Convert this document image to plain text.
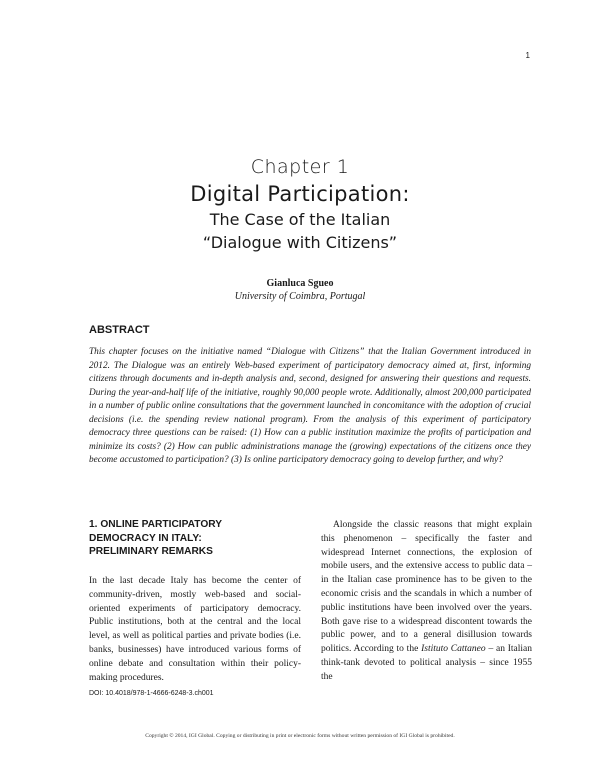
1
Chapter 1
Digital Participation:
The Case of the Italian
“Dialogue with Citizens”
Gianluca Sgueo
University of Coimbra, Portugal
ABSTRACT
This chapter focuses on the initiative named “Dialogue with Citizens” that the Italian Government introduced in 2012. The Dialogue was an entirely Web-based experiment of participatory democracy aimed at, first, informing citizens through documents and in-depth analysis and, second, designed for answering their questions and requests. During the year-and-half life of the initiative, roughly 90,000 people wrote. Additionally, almost 200,000 participated in a number of public online consultations that the government launched in concomitance with the adoption of crucial decisions (i.e. the spending review national program). From the analysis of this experiment of participatory democracy three questions can be raised: (1) How can a public institution maximize the profits of participation and minimize its costs? (2) How can public administrations manage the (growing) expectations of the citizens once they become accustomed to participation? (3) Is online participatory democracy going to develop further, and why?
1. ONLINE PARTICIPATORY
DEMOCRACY IN ITALY:
PRELIMINARY REMARKS

In the last decade Italy has become the center of community-driven, mostly web-based and social-oriented experiments of participatory democracy. Public institutions, both at the central and the local level, as well as political parties and private bodies (i.e. banks, businesses) have introduced various forms of online debate and consultation within their policy-making procedures.

Alongside the classic reasons that might explain this phenomenon – specifically the faster and widespread Internet connections, the explosion of mobile users, and the extensive access to public data – in the Italian case prominence has to be given to the economic crisis and the scandals in which a number of public institutions have been involved over the years. Both gave rise to a widespread discontent towards the public power, and to a general disillusion towards politics. According to the Istituto Cattaneo – an Italian think-tank devoted to political analysis – since 1955 the

DOI: 10.4018/978-1-4666-6248-3.ch001
Copyright © 2014, IGI Global. Copying or distributing in print or electronic forms without written permission of IGI Global is prohibited.
